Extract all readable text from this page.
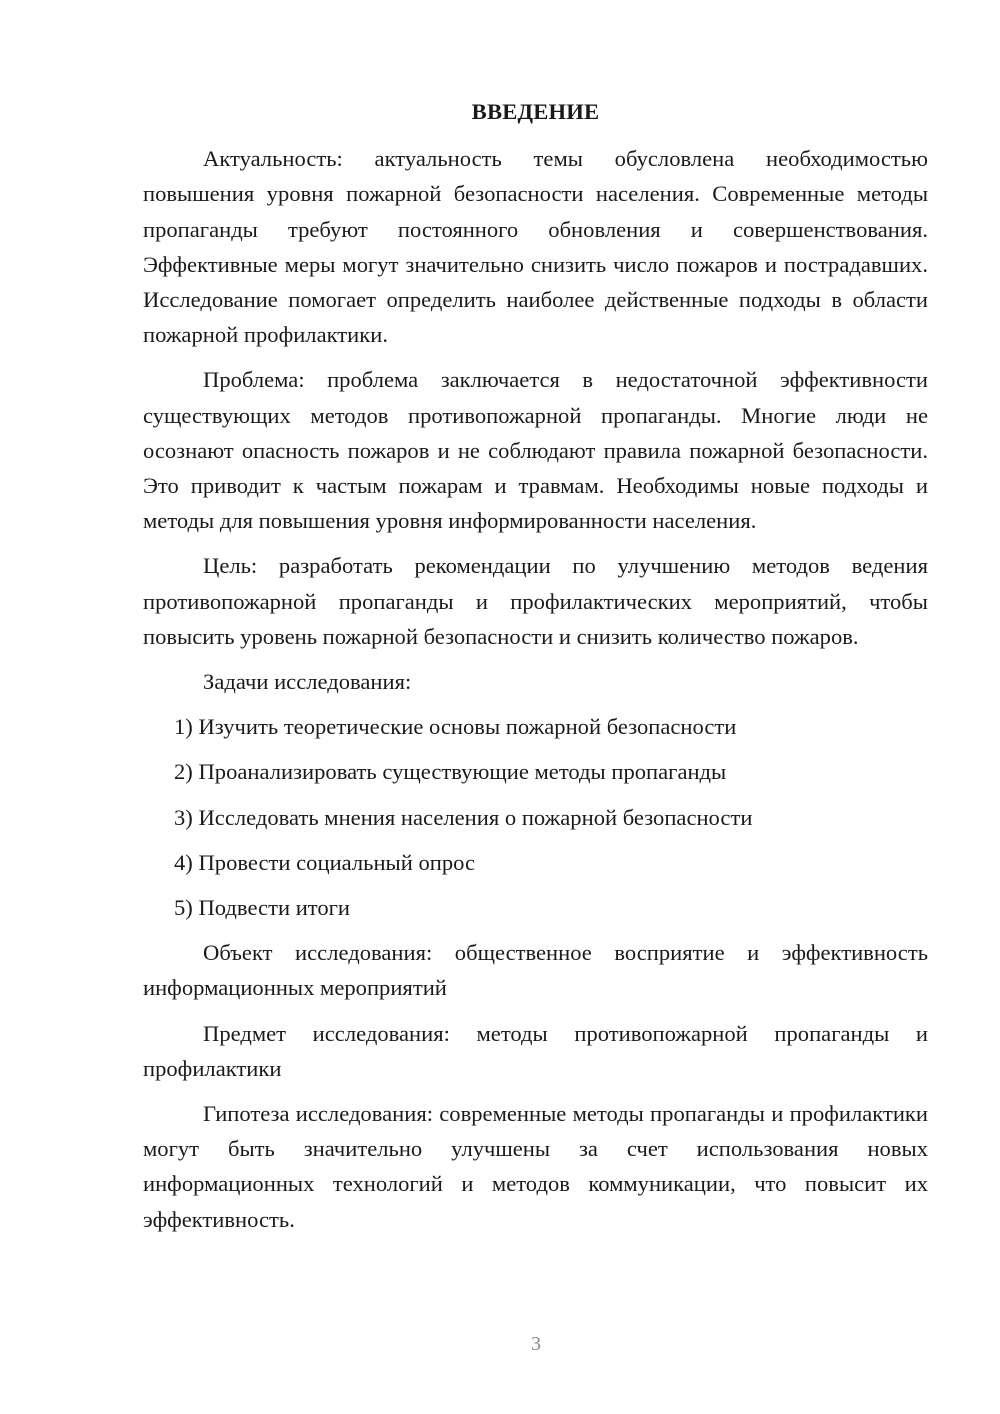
ВВЕДЕНИЕ

Актуальность: актуальность темы обусловлена необходимостью повышения уровня пожарной безопасности населения. Современные методы пропаганды требуют постоянного обновления и совершенствования. Эффективные меры могут значительно снизить число пожаров и пострадавших. Исследование помогает определить наиболее действенные подходы в области пожарной профилактики.

Проблема: проблема заключается в недостаточной эффективности существующих методов противопожарной пропаганды. Многие люди не осознают опасность пожаров и не соблюдают правила пожарной безопасности. Это приводит к частым пожарам и травмам. Необходимы новые подходы и методы для повышения уровня информированности населения.

Цель: разработать рекомендации по улучшению методов ведения противопожарной пропаганды и профилактических мероприятий, чтобы повысить уровень пожарной безопасности и снизить количество пожаров.

Задачи исследования:

1) Изучить теоретические основы пожарной безопасности
2) Проанализировать существующие методы пропаганды
3) Исследовать мнения населения о пожарной безопасности
4) Провести социальный опрос
5) Подвести итоги

Объект исследования: общественное восприятие и эффективность информационных мероприятий

Предмет исследования: методы противопожарной пропаганды и профилактики

Гипотеза исследования: современные методы пропаганды и профилактики могут быть значительно улучшены за счет использования новых информационных технологий и методов коммуникации, что повысит их эффективность.

3
